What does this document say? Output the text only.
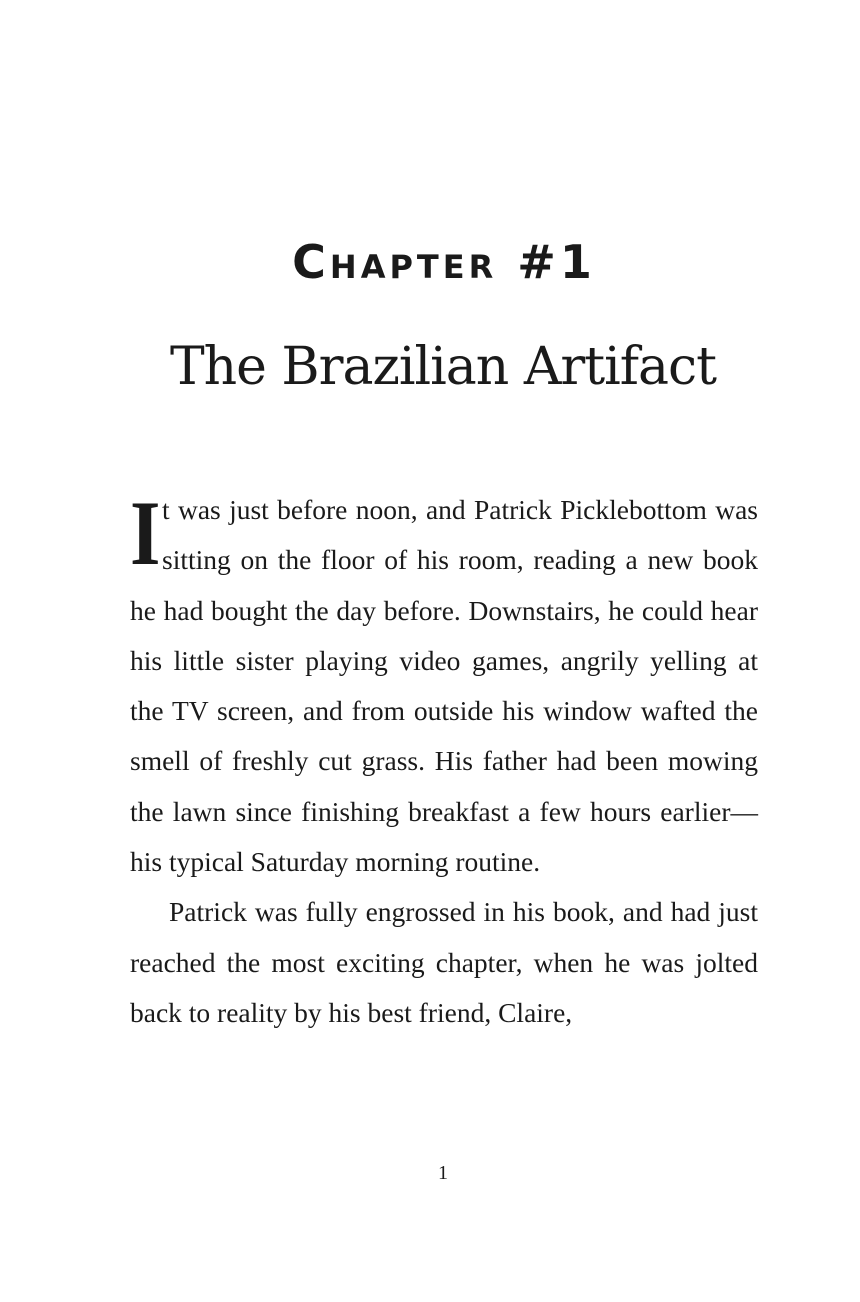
Chapter #1
The Brazilian Artifact

It was just before noon, and Patrick Picklebottom was sitting on the floor of his room, reading a new book he had bought the day before. Downstairs, he could hear his little sister playing video games, angrily yelling at the TV screen, and from outside his window wafted the smell of freshly cut grass. His father had been mowing the lawn since finishing breakfast a few hours earlier—his typical Saturday morning routine.

Patrick was fully engrossed in his book, and had just reached the most exciting chapter, when he was jolted back to reality by his best friend, Claire,

1
